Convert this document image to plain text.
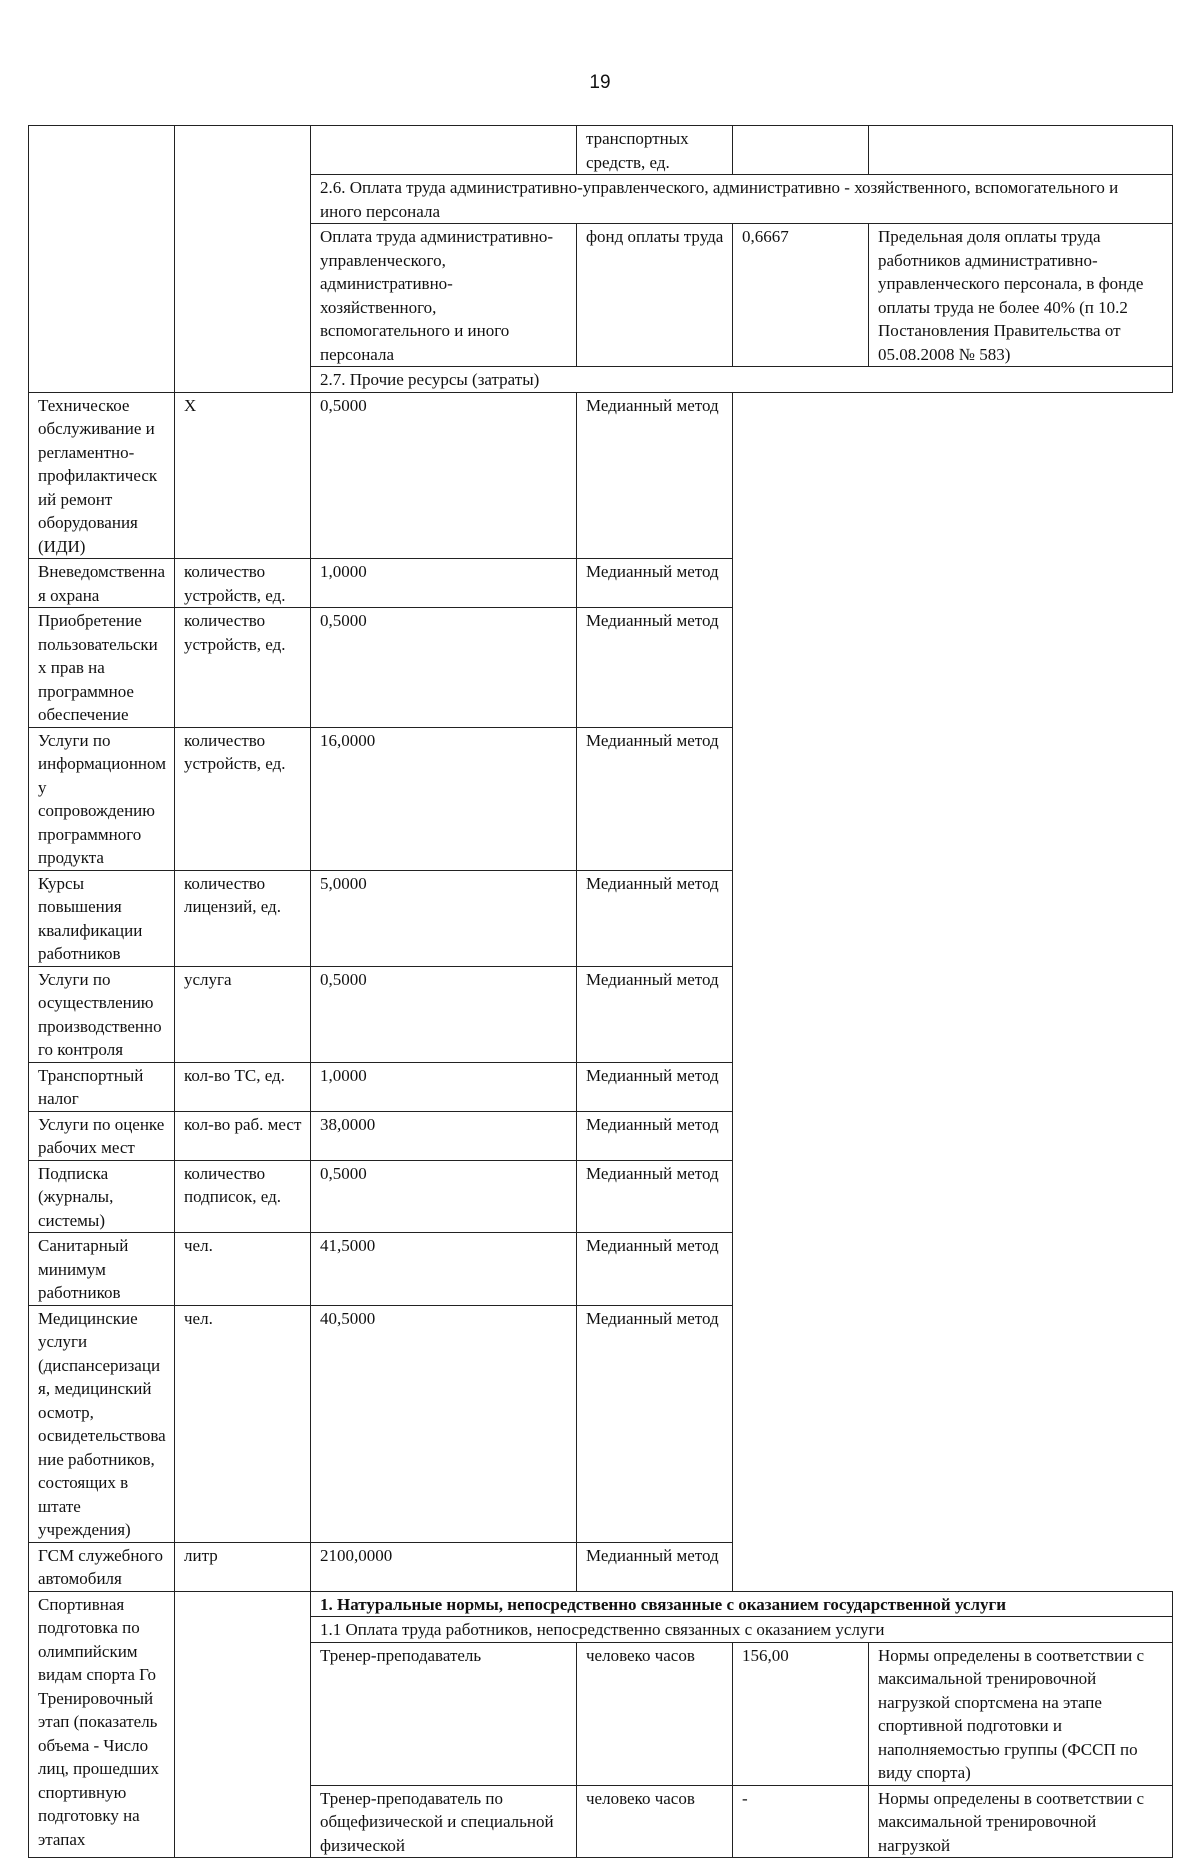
19
			транспортных средств, ед.		
		2.6. Оплата труда административно-управленческого, административно - хозяйственного, вспомогательного и иного персонала			
		Оплата труда административно-управленческого, административно-хозяйственного, вспомогательного и иного персонала	фонд оплаты труда	0,6667	Предельная доля оплаты труда работников административно-управленческого персонала, в фонде оплаты труда не более 40% (п 10.2 Постановления Правительства от 05.08.2008 № 583)
		2.7. Прочие ресурсы (затраты)			
Техническое обслуживание и регламентно-профилактический ремонт оборудования (ИДИ)	Х	0,5000	Медианный метод		
Вневедомственная охрана	количество устройств, ед.	1,0000	Медианный метод		
Приобретение пользовательских прав на программное обеспечение	количество устройств, ед.	0,5000	Медианный метод		
Услуги по информационному сопровождению программного продукта	количество устройств, ед.	16,0000	Медианный метод		
Курсы повышения квалификации работников	количество лицензий, ед.	5,0000	Медианный метод		
Услуги по осуществлению производственного контроля	услуга	0,5000	Медианный метод		
Транспортный налог	кол-во ТС, ед.	1,0000	Медианный метод		
Услуги по оценке рабочих мест	кол-во раб. мест	38,0000	Медианный метод		
Подписка (журналы, системы)	количество подписок, ед.	0,5000	Медианный метод		
Санитарный минимум работников	чел.	41,5000	Медианный метод		
Медицинские услуги (диспансеризация, медицинский осмотр, освидетельствование работников, состоящих в штате учреждения)	чел.	40,5000	Медианный метод		
ГСМ служебного автомобиля	литр	2100,0000	Медианный метод		
Спортивная подготовка по олимпийским видам спорта Го Тренировочный этап (показатель объема - Число лиц, прошедших спортивную подготовку на этапах		1. Натуральные нормы, непосредственно связанные с оказанием государственной услуги			
		1.1 Оплата труда работников, непосредственно связанных с оказанием услуги			
		Тренер-преподаватель	человеко часов	156,00	Нормы определены в соответствии с максимальной тренировочной нагрузкой спортсмена на этапе спортивной подготовки и наполняемостью группы (ФССП по виду спорта)
		Тренер-преподаватель по общефизической и специальной физической	человеко часов	-	Нормы определены в соответствии с максимальной тренировочной нагрузкой
